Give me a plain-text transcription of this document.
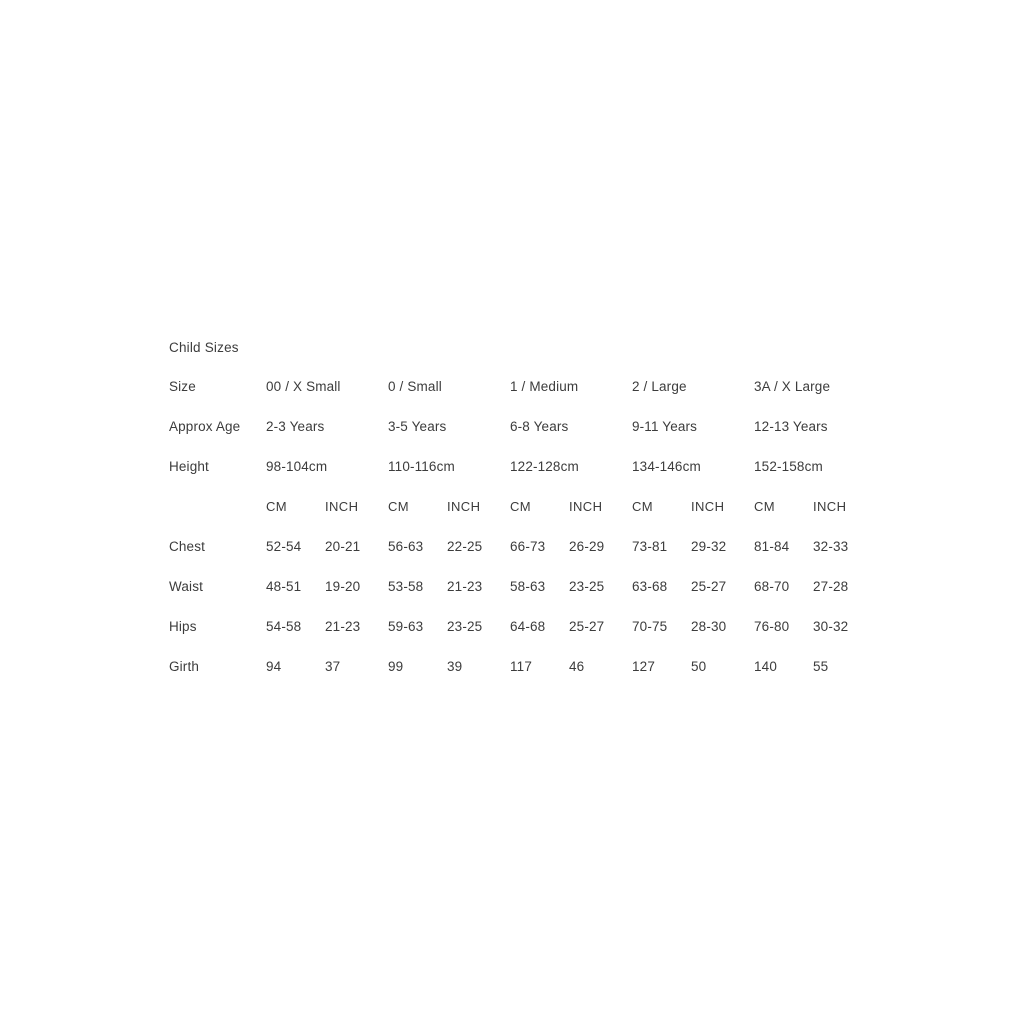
Child Sizes
Size	00 / X Small		0 / Small		1 / Medium		2 / Large		3A / X Large	
Approx Age	2-3 Years		3-5 Years		6-8 Years		9-11 Years		12-13 Years	
Height	98-104cm		110-116cm		122-128cm		134-146cm		152-158cm	
	CM	INCH	CM	INCH	CM	INCH	CM	INCH	CM	INCH
Chest	52-54	20-21	56-63	22-25	66-73	26-29	73-81	29-32	81-84	32-33
Waist	48-51	19-20	53-58	21-23	58-63	23-25	63-68	25-27	68-70	27-28
Hips	54-58	21-23	59-63	23-25	64-68	25-27	70-75	28-30	76-80	30-32
Girth	94	37	99	39	117	46	127	50	140	55
